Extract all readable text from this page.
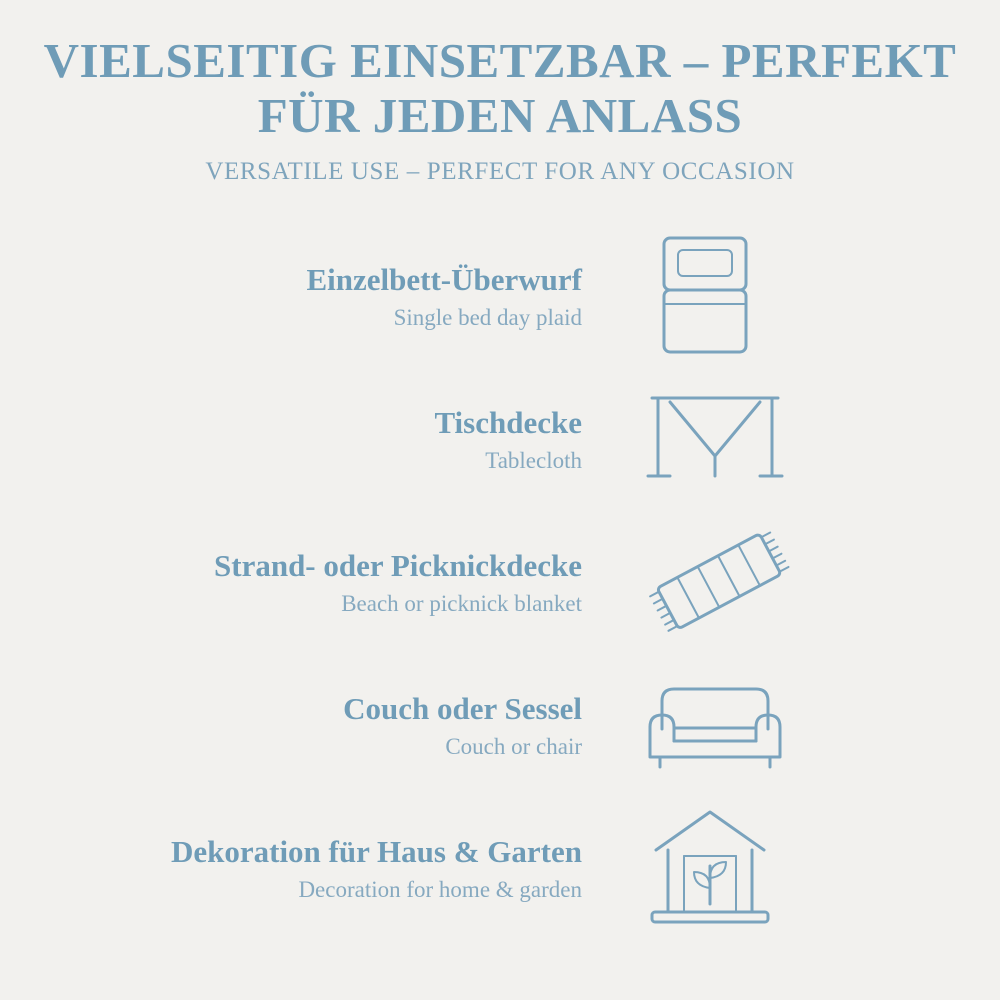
VIELSEITIG EINSETZBAR – PERFEKT FÜR JEDEN ANLASS
VERSATILE USE – PERFECT FOR ANY OCCASION
Einzelbett-Überwurf
Single bed day plaid
Tischdecke
Tablecloth
Strand- oder Picknickdecke
Beach or picknick blanket
Couch oder Sessel
Couch or chair
Dekoration für Haus & Garten
Decoration for home & garden
